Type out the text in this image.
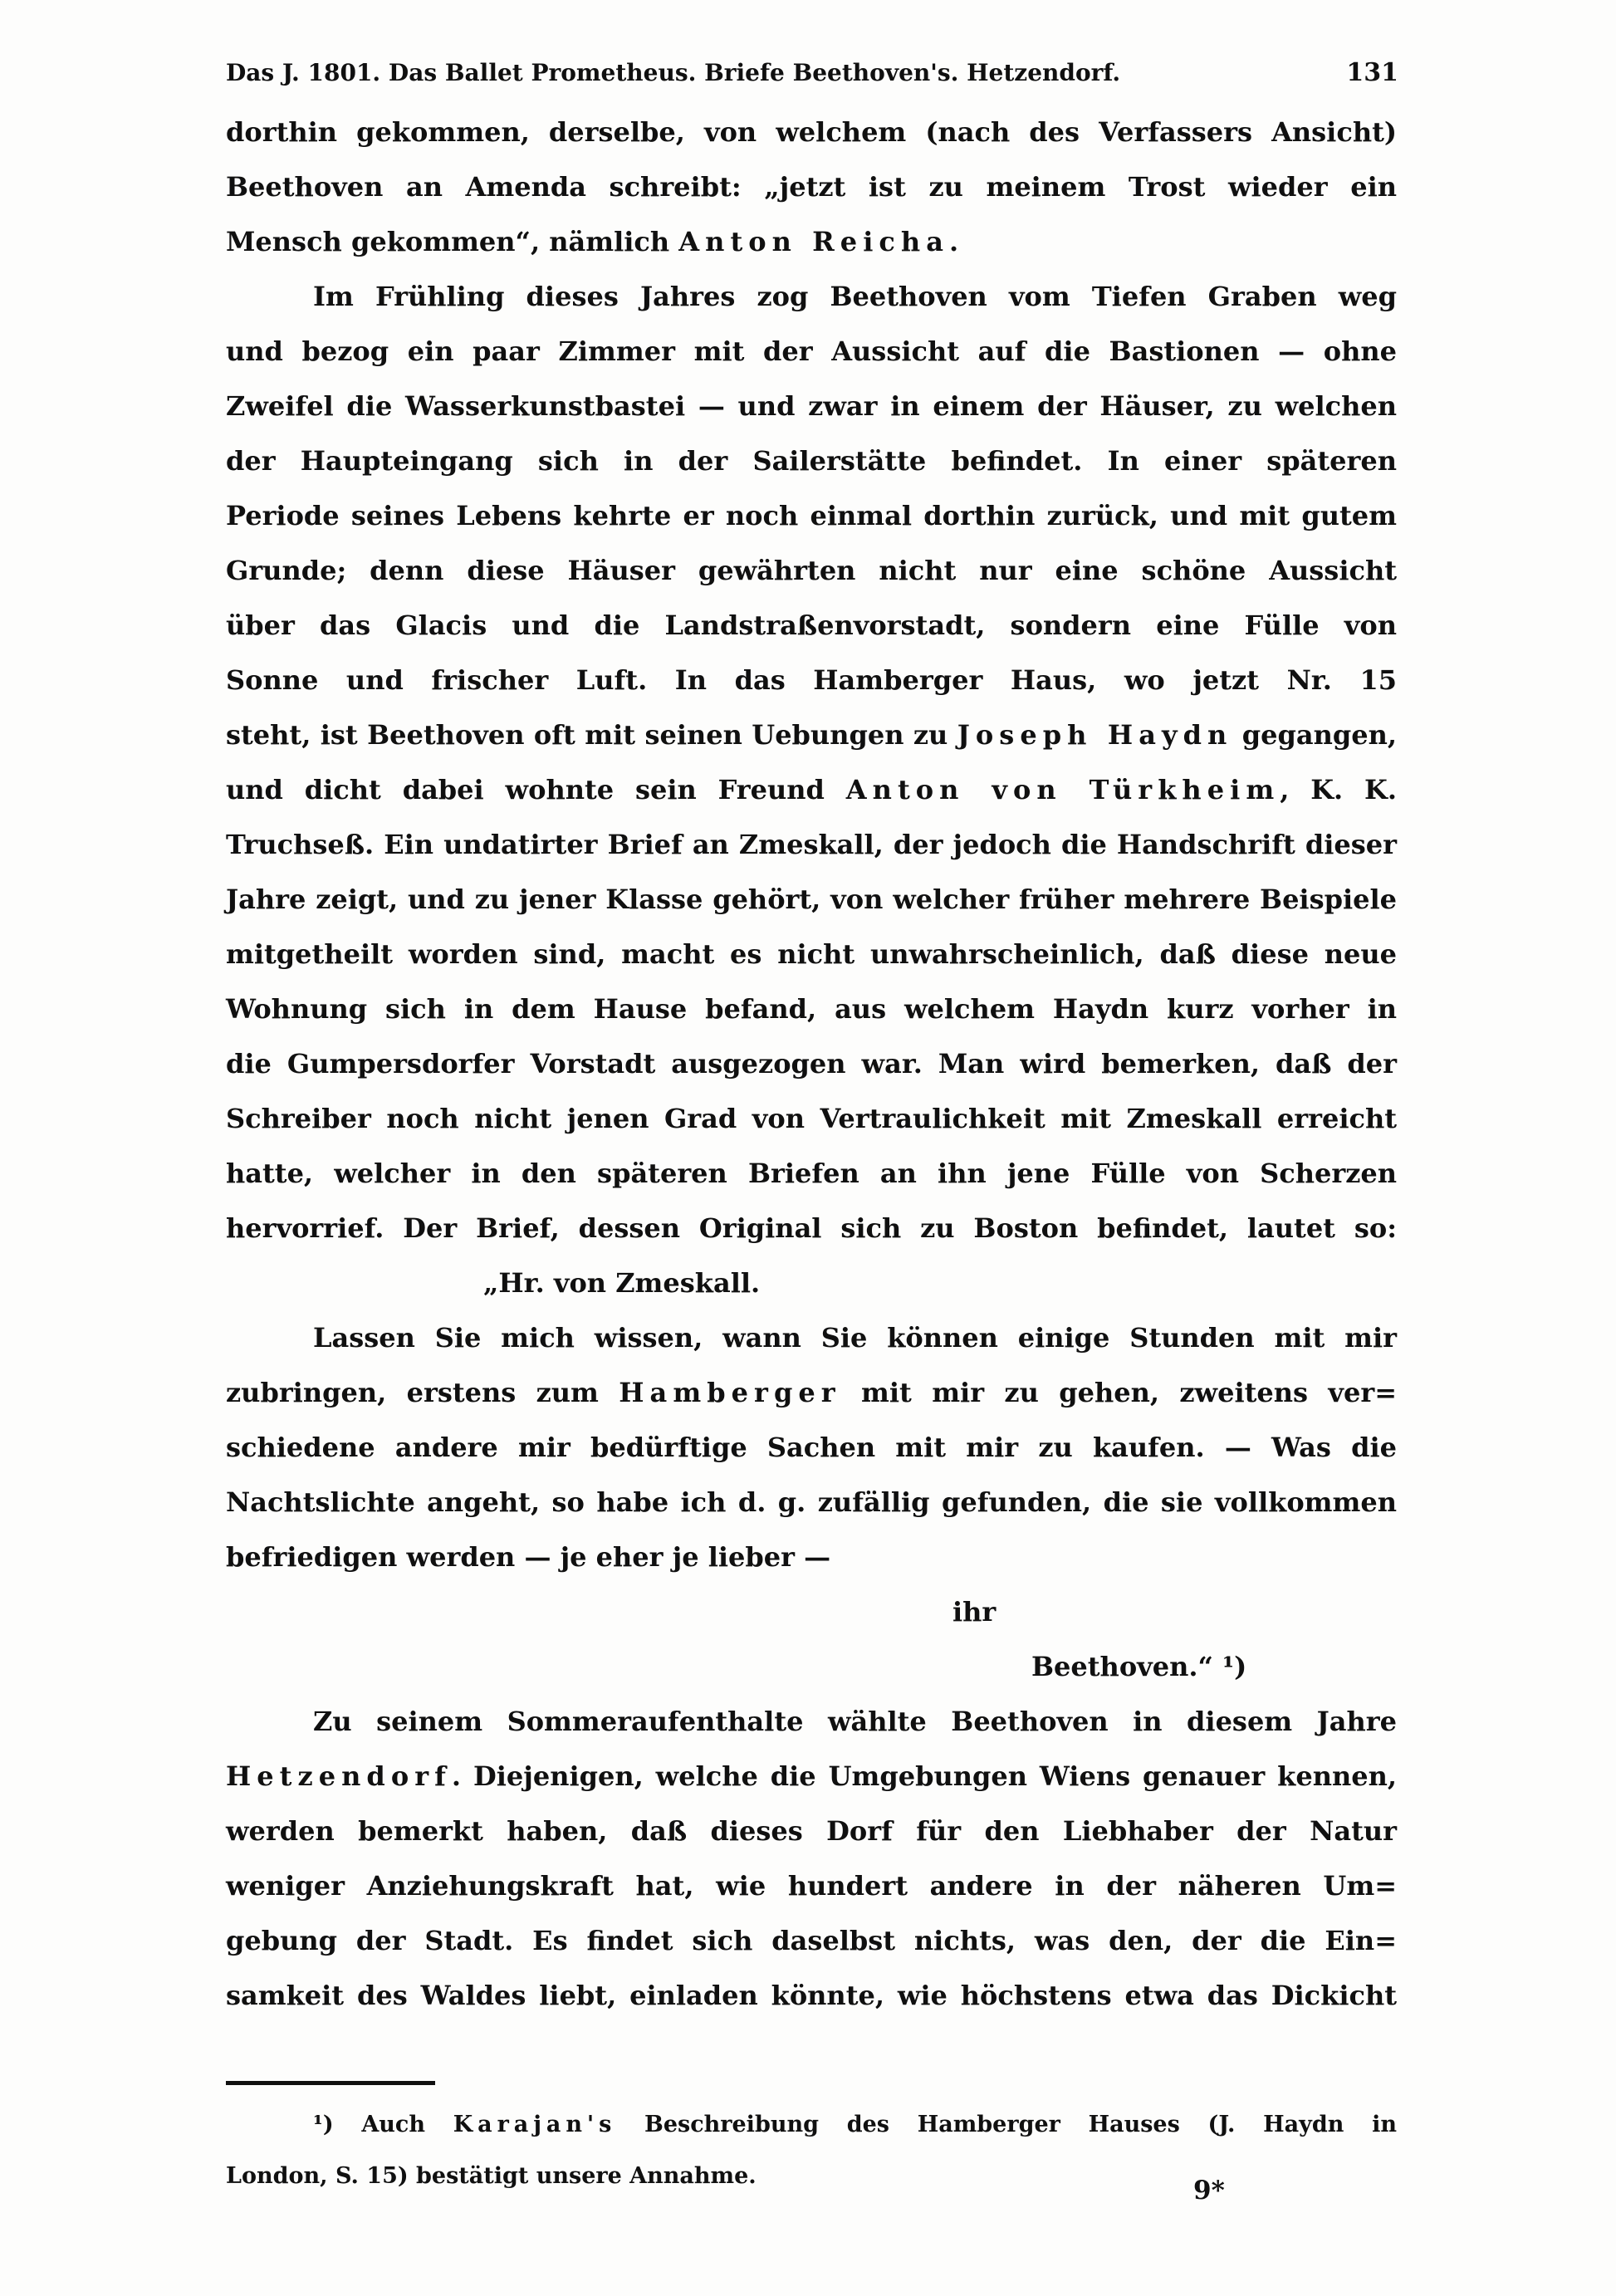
Das J. 1801. Das Ballet Prometheus. Briefe Beethoven's. Hetzendorf.	131
dorthin gekommen, derselbe, von welchem (nach des Verfassers Ansicht)
Beethoven an Amenda schreibt: „jetzt ist zu meinem Trost wieder ein
Mensch gekommen“, nämlich Anton Reicha.
Im Frühling dieses Jahres zog Beethoven vom Tiefen Graben weg
und bezog ein paar Zimmer mit der Aussicht auf die Bastionen — ohne
Zweifel die Wasserkunstbastei — und zwar in einem der Häuser, zu welchen
der Haupteingang sich in der Sailerstätte befindet. In einer späteren
Periode seines Lebens kehrte er noch einmal dorthin zurück, und mit gutem
Grunde; denn diese Häuser gewährten nicht nur eine schöne Aussicht
über das Glacis und die Landstraßenvorstadt, sondern eine Fülle von
Sonne und frischer Luft. In das Hamberger Haus, wo jetzt Nr. 15
steht, ist Beethoven oft mit seinen Uebungen zu Joseph Haydn gegangen,
und dicht dabei wohnte sein Freund Anton von Türkheim, K. K.
Truchseß. Ein undatirter Brief an Zmeskall, der jedoch die Handschrift dieser
Jahre zeigt, und zu jener Klasse gehört, von welcher früher mehrere Beispiele
mitgetheilt worden sind, macht es nicht unwahrscheinlich, daß diese neue
Wohnung sich in dem Hause befand, aus welchem Haydn kurz vorher in
die Gumpersdorfer Vorstadt ausgezogen war. Man wird bemerken, daß der
Schreiber noch nicht jenen Grad von Vertraulichkeit mit Zmeskall erreicht
hatte, welcher in den späteren Briefen an ihn jene Fülle von Scherzen
hervorrief. Der Brief, dessen Original sich zu Boston befindet, lautet so:
„Hr. von Zmeskall.
Lassen Sie mich wissen, wann Sie können einige Stunden mit mir
zubringen, erstens zum Hamberger mit mir zu gehen, zweitens ver=
schiedene andere mir bedürftige Sachen mit mir zu kaufen. — Was die
Nachtslichte angeht, so habe ich d. g. zufällig gefunden, die sie vollkommen
befriedigen werden — je eher je lieber —
ihr
Beethoven.“ ¹)
Zu seinem Sommeraufenthalte wählte Beethoven in diesem Jahre
Hetzendorf. Diejenigen, welche die Umgebungen Wiens genauer kennen,
werden bemerkt haben, daß dieses Dorf für den Liebhaber der Natur
weniger Anziehungskraft hat, wie hundert andere in der näheren Um=
gebung der Stadt. Es findet sich daselbst nichts, was den, der die Ein=
samkeit des Waldes liebt, einladen könnte, wie höchstens etwa das Dickicht
¹) Auch Karajan's Beschreibung des Hamberger Hauses (J. Haydn in
London, S. 15) bestätigt unsere Annahme.	9*
